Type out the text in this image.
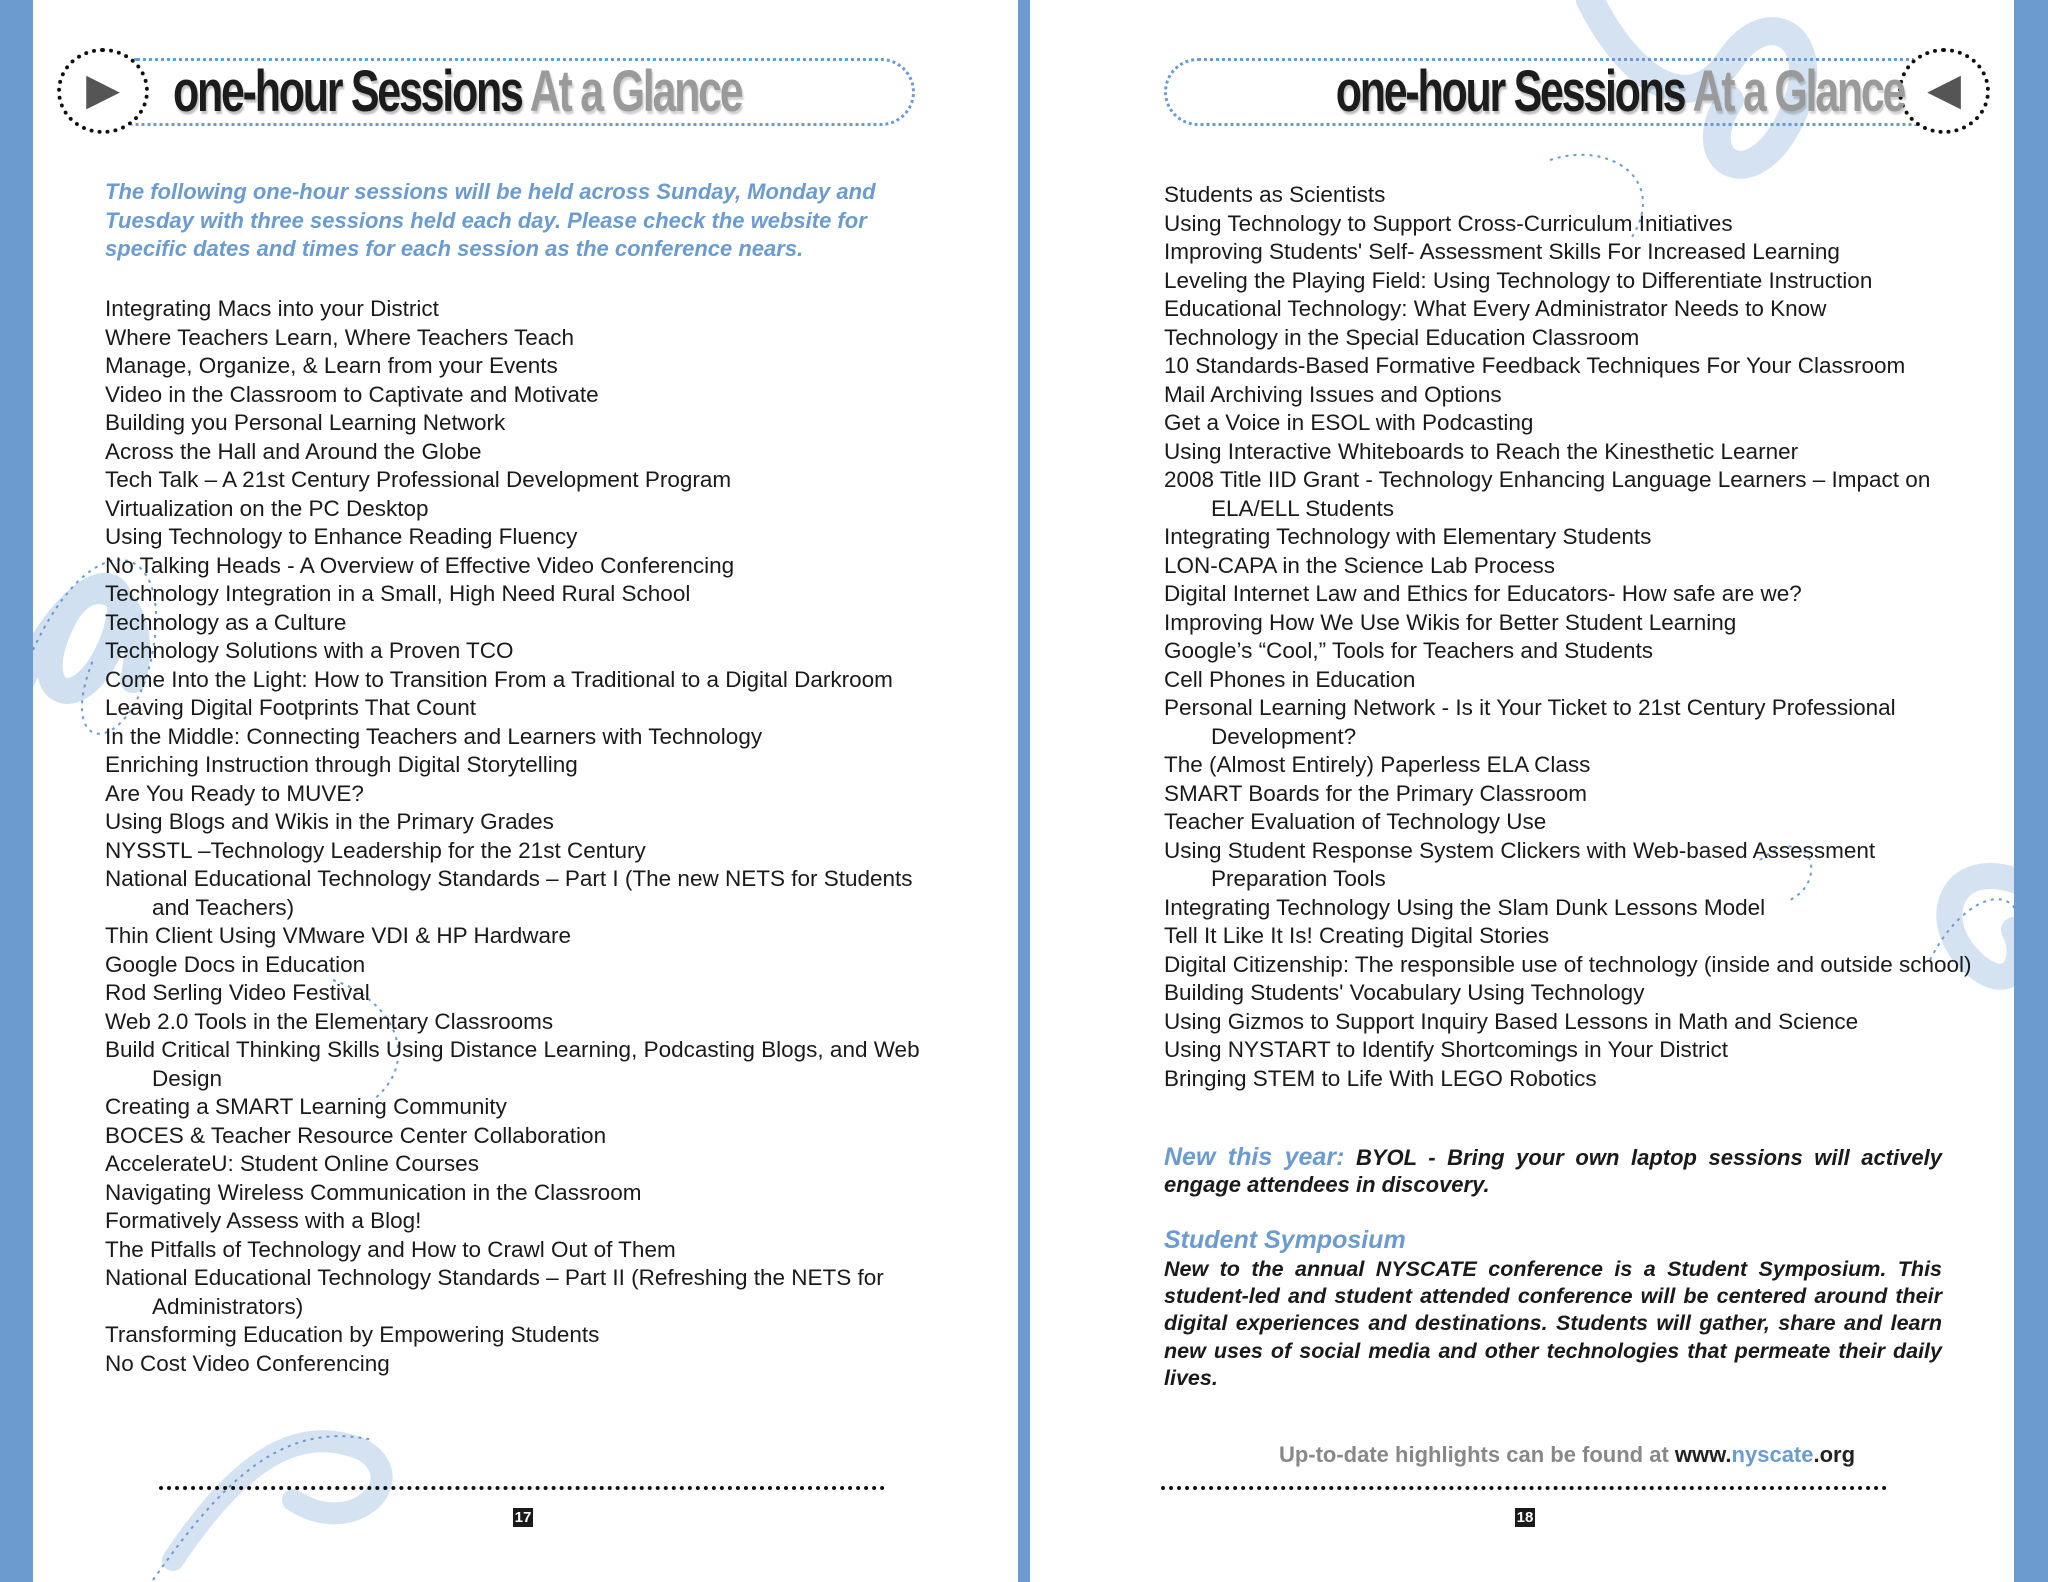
▶ one-hour Sessions At a Glance
The following one-hour sessions will be held across Sunday, Monday and Tuesday with three sessions held each day. Please check the website for specific dates and times for each session as the conference nears.
Integrating Macs into your District
Where Teachers Learn, Where Teachers Teach
Manage, Organize, & Learn from your Events
Video in the Classroom to Captivate and Motivate
Building you Personal Learning Network
Across the Hall and Around the Globe
Tech Talk – A 21st Century Professional Development Program
Virtualization on the PC Desktop
Using Technology to Enhance Reading Fluency
No Talking Heads - A Overview of Effective Video Conferencing
Technology Integration in a Small, High Need Rural School
Technology as a Culture
Technology Solutions with a Proven TCO
Come Into the Light: How to Transition From a Traditional to a Digital Darkroom
Leaving Digital Footprints That Count
In the Middle: Connecting Teachers and Learners with Technology
Enriching Instruction through Digital Storytelling
Are You Ready to MUVE?
Using Blogs and Wikis in the Primary Grades
NYSSTL –Technology Leadership for the 21st Century
National Educational Technology Standards – Part I (The new NETS for Students and Teachers)
Thin Client Using VMware VDI & HP Hardware
Google Docs in Education
Rod Serling Video Festival
Web 2.0 Tools in the Elementary Classrooms
Build Critical Thinking Skills Using Distance Learning, Podcasting Blogs, and Web Design
Creating a SMART Learning Community
BOCES & Teacher Resource Center Collaboration
AccelerateU: Student Online Courses
Navigating Wireless Communication in the Classroom
Formatively Assess with a Blog!
The Pitfalls of Technology and How to Crawl Out of Them
National Educational Technology Standards – Part II (Refreshing the NETS for Administrators)
Transforming Education by Empowering Students
No Cost Video Conferencing
17
◀
one-hour Sessions At a Glance
Students as Scientists
Using Technology to Support Cross-Curriculum Initiatives
Improving Students' Self- Assessment Skills For Increased Learning
Leveling the Playing Field: Using Technology to Differentiate Instruction
Educational Technology: What Every Administrator Needs to Know
Technology in the Special Education Classroom
10 Standards-Based Formative Feedback Techniques For Your Classroom
Mail Archiving Issues and Options
Get a Voice in ESOL with Podcasting
Using Interactive Whiteboards to Reach the Kinesthetic Learner
2008 Title IID Grant - Technology Enhancing Language Learners – Impact on ELA/ELL Students
Integrating Technology with Elementary Students
LON-CAPA in the Science Lab Process
Digital Internet Law and Ethics for Educators- How safe are we?
Improving How We Use Wikis for Better Student Learning
Google’s “Cool,” Tools for Teachers and Students
Cell Phones in Education
Personal Learning Network - Is it Your Ticket to 21st Century Professional Development?
The (Almost Entirely) Paperless ELA Class
SMART Boards for the Primary Classroom
Teacher Evaluation of Technology Use
Using Student Response System Clickers with Web-based Assessment Preparation Tools
Integrating Technology Using the Slam Dunk Lessons Model
Tell It Like It Is! Creating Digital Stories
Digital Citizenship: The responsible use of technology (inside and outside school)
Building Students' Vocabulary Using Technology
Using Gizmos to Support Inquiry Based Lessons in Math and Science
Using NYSTART to Identify Shortcomings in Your District
Bringing STEM to Life With LEGO Robotics
New this year: BYOL - Bring your own laptop sessions will actively engage attendees in discovery.
Student Symposium
New to the annual NYSCATE conference is a Student Symposium. This student-led and student attended conference will be centered around their digital experiences and destinations. Students will gather, share and learn new uses of social media and other technologies that permeate their daily lives.
Up-to-date highlights can be found at www.nyscate.org
18
